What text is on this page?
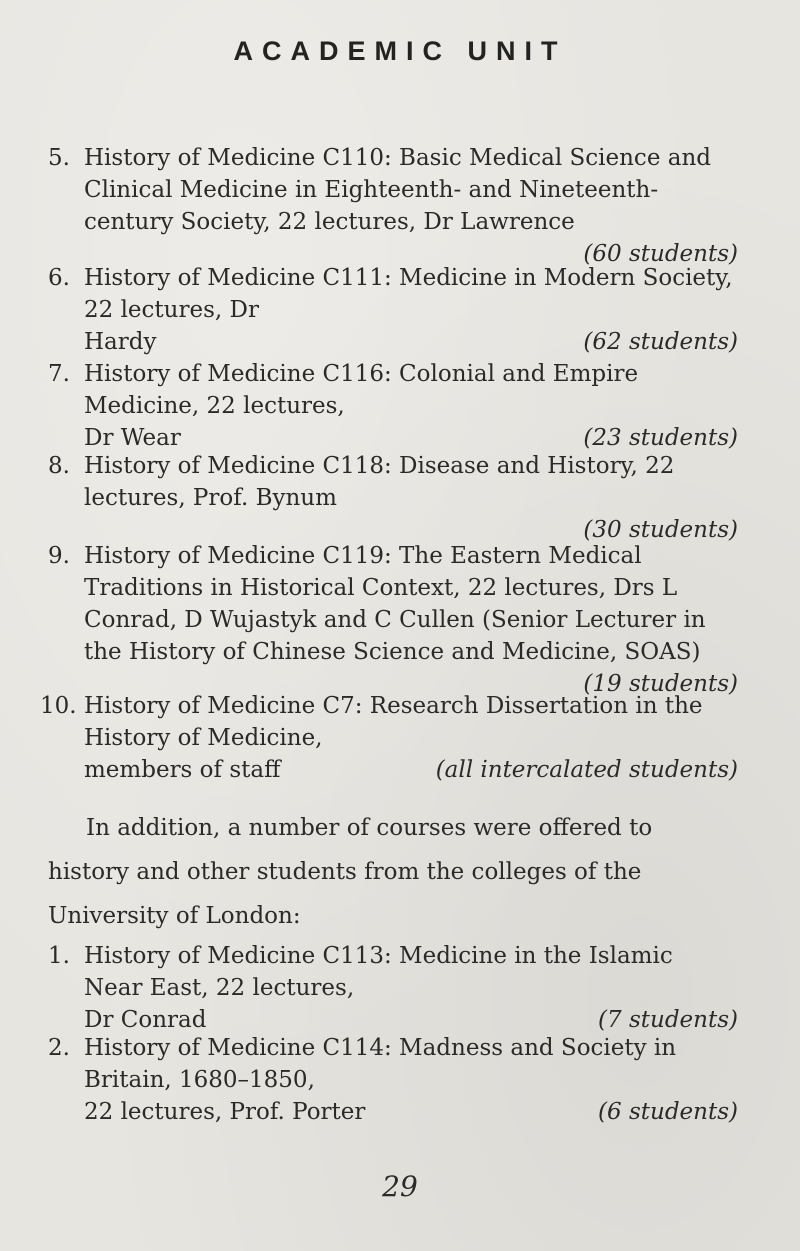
ACADEMIC UNIT
5. History of Medicine C110: Basic Medical Science and Clinical Medicine in Eighteenth- and Nineteenth-century Society, 22 lectures, Dr Lawrence
(60 students)
6. History of Medicine C111: Medicine in Modern Society, 22 lectures, Dr
Hardy	(62 students)
7. History of Medicine C116: Colonial and Empire Medicine, 22 lectures,
Dr Wear	(23 students)
8. History of Medicine C118: Disease and History, 22 lectures, Prof. Bynum
(30 students)
9. History of Medicine C119: The Eastern Medical Traditions in Historical Context, 22 lectures, Drs L Conrad, D Wujastyk and C Cullen (Senior Lecturer in the History of Chinese Science and Medicine, SOAS)
(19 students)
10. History of Medicine C7: Research Dissertation in the History of Medicine,
members of staff	(all intercalated students)
In addition, a number of courses were offered to history and other students from the colleges of the University of London:
1. History of Medicine C113: Medicine in the Islamic Near East, 22 lectures,
Dr Conrad	(7 students)
2. History of Medicine C114: Madness and Society in Britain, 1680–1850,
22 lectures, Prof. Porter	(6 students)
29
